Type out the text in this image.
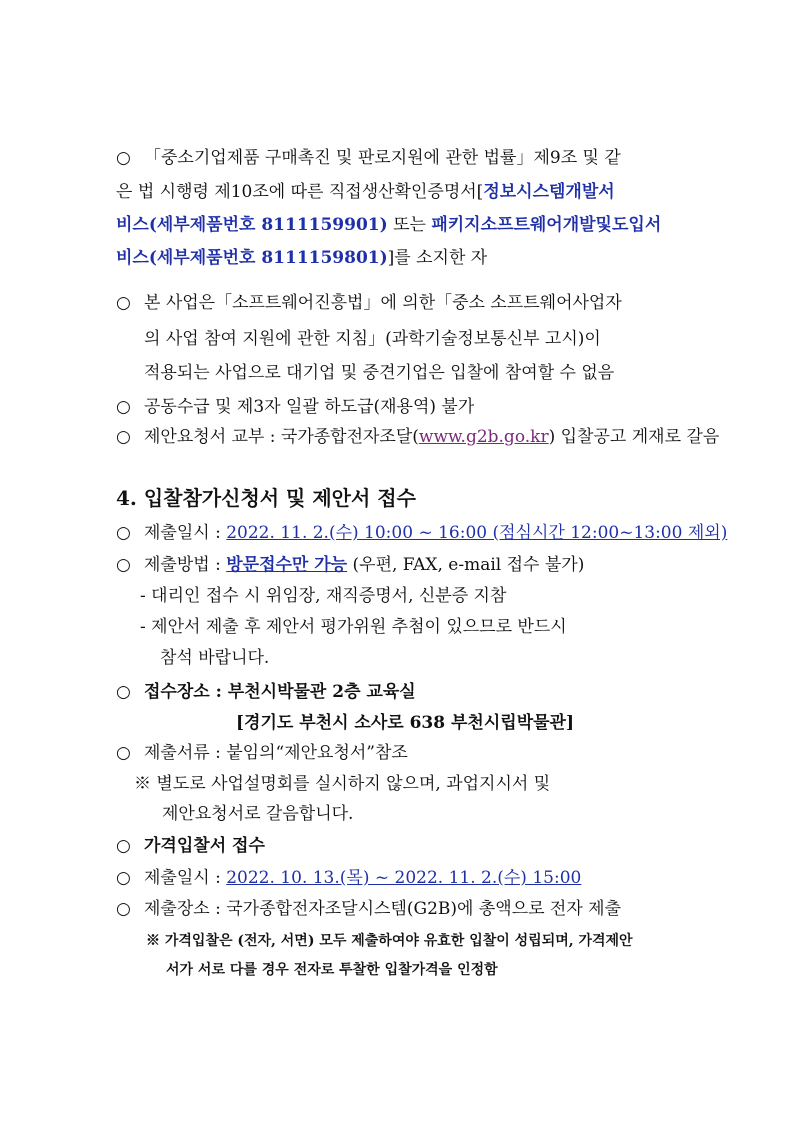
○ 「중소기업제품 구매촉진 및 판로지원에 관한 법률」제9조 및 같
은 법 시행령 제10조에 따른 직접생산확인증명서[정보시스템개발서
비스(세부제품번호 8111159901) 또는 패키지소프트웨어개발및도입서
비스(세부제품번호 8111159801)]를 소지한 자
○ 본 사업은「소프트웨어진흥법」에 의한「중소 소프트웨어사업자
의 사업 참여 지원에 관한 지침」(과학기술정보통신부 고시)이
적용되는 사업으로 대기업 및 중견기업은 입찰에 참여할 수 없음
○ 공동수급 및 제3자 일괄 하도급(재용역) 불가
○ 제안요청서 교부 : 국가종합전자조달(www.g2b.go.kr) 입찰공고 게재로 갈음
4. 입찰참가신청서 및 제안서 접수
○ 제출일시 : 2022. 11. 2.(수) 10:00 ~ 16:00 (점심시간 12:00~13:00 제외)
○ 제출방법 : 방문접수만 가능 (우편, FAX, e-mail 접수 불가)
- 대리인 접수 시 위임장, 재직증명서, 신분증 지참
- 제안서 제출 후 제안서 평가위원 추첨이 있으므로 반드시
참석 바랍니다.
○ 접수장소 : 부천시박물관 2층 교육실
[경기도 부천시 소사로 638 부천시립박물관]
○ 제출서류 : 붙임의“제안요청서”참조
※ 별도로 사업설명회를 실시하지 않으며, 과업지시서 및
제안요청서로 갈음합니다.
○ 가격입찰서 접수
○ 제출일시 : 2022. 10. 13.(목) ~ 2022. 11. 2.(수) 15:00
○ 제출장소 : 국가종합전자조달시스템(G2B)에 총액으로 전자 제출
※ 가격입찰은 (전자, 서면) 모두 제출하여야 유효한 입찰이 성립되며, 가격제안
서가 서로 다를 경우 전자로 투찰한 입찰가격을 인정함
